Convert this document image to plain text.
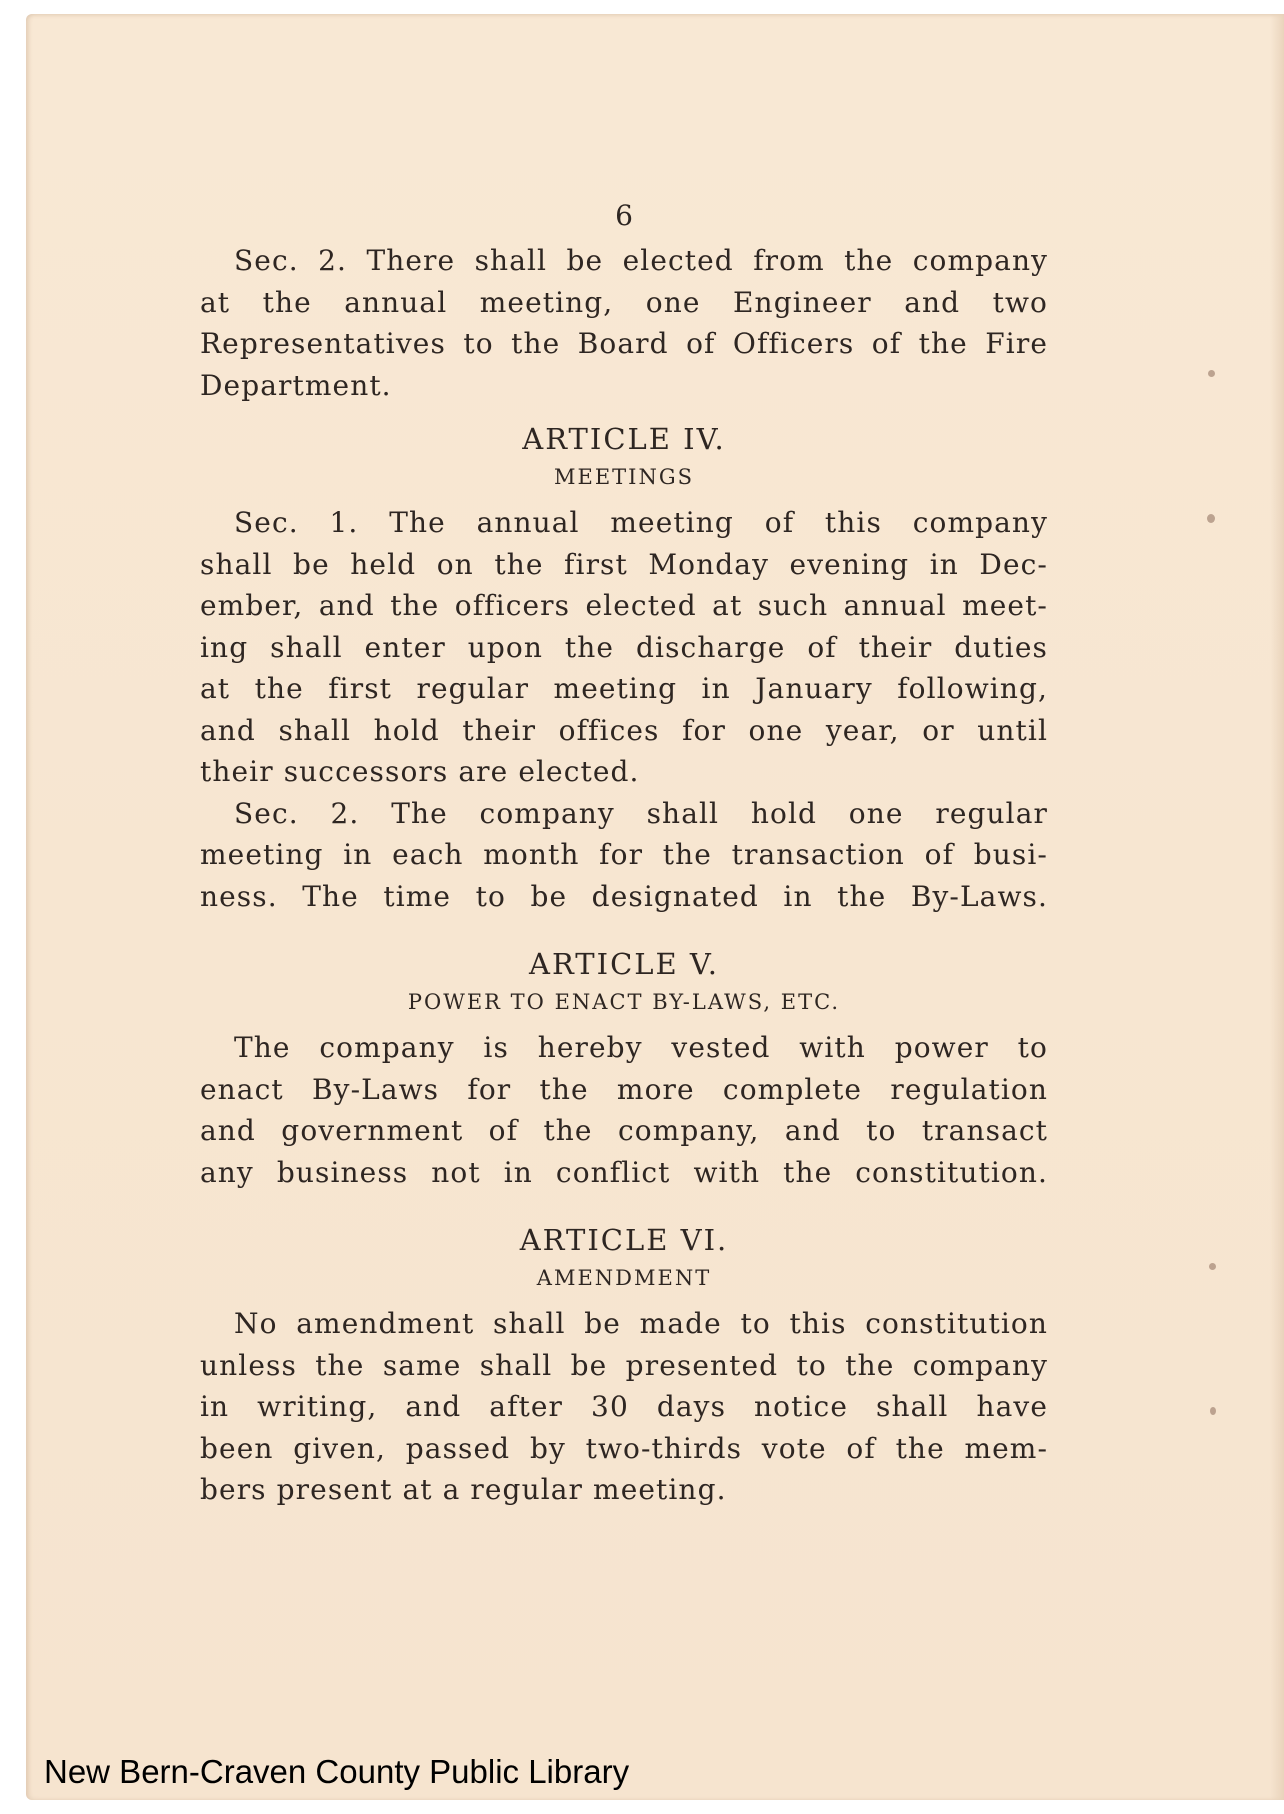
6
Sec. 2. There shall be elected from the company
at the annual meeting, one Engineer and two
Representatives to the Board of Officers of the Fire
Department.
ARTICLE IV.
MEETINGS
Sec. 1. The annual meeting of this company
shall be held on the first Monday evening in Dec-
ember, and the officers elected at such annual meet-
ing shall enter upon the discharge of their duties
at the first regular meeting in January following,
and shall hold their offices for one year, or until
their successors are elected.
Sec. 2. The company shall hold one regular
meeting in each month for the transaction of busi-
ness. The time to be designated in the By-Laws.
ARTICLE V.
POWER TO ENACT BY-LAWS, ETC.
The company is hereby vested with power to
enact By-Laws for the more complete regulation
and government of the company, and to transact
any business not in conflict with the constitution.
ARTICLE VI.
AMENDMENT
No amendment shall be made to this constitution
unless the same shall be presented to the company
in writing, and after 30 days notice shall have
been given, passed by two-thirds vote of the mem-
bers present at a regular meeting.
New Bern-Craven County Public Library
